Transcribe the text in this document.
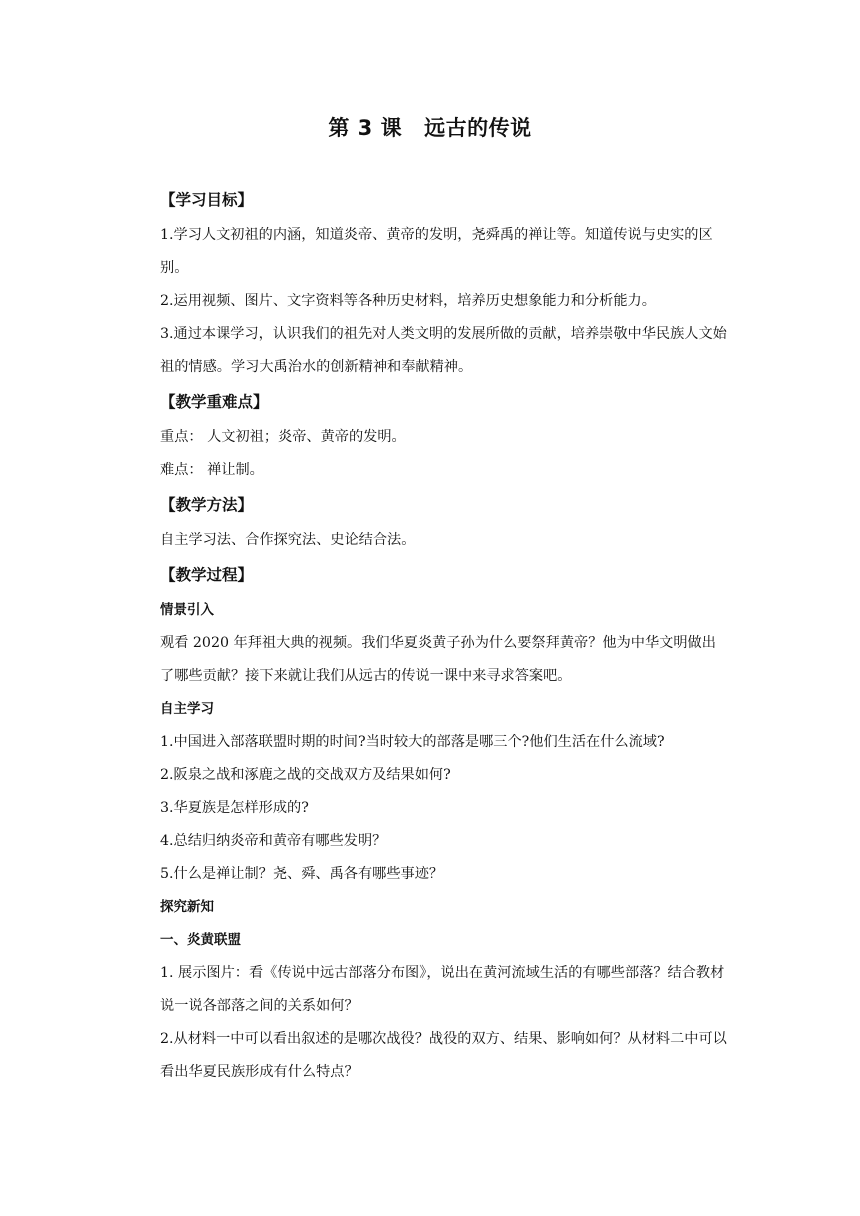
第 3 课 远古的传说
【学习目标】

1.学习人文初祖的内涵，知道炎帝、黄帝的发明，尧舜禹的禅让等。知道传说与史实的区别。

2.运用视频、图片、文字资料等各种历史材料，培养历史想象能力和分析能力。

3.通过本课学习，认识我们的祖先对人类文明的发展所做的贡献，培养崇敬中华民族人文始祖的情感。学习大禹治水的创新精神和奉献精神。

【教学重难点】

重点： 人文初祖；炎帝、黄帝的发明。

难点： 禅让制。

【教学方法】

自主学习法、合作探究法、史论结合法。

【教学过程】
情景引入

观看 2020 年拜祖大典的视频。我们华夏炎黄子孙为什么要祭拜黄帝？他为中华文明做出了哪些贡献？接下来就让我们从远古的传说一课中来寻求答案吧。

自主学习

1.中国进入部落联盟时期的时间?当时较大的部落是哪三个?他们生活在什么流域?

2.阪泉之战和涿鹿之战的交战双方及结果如何?

3.华夏族是怎样形成的?

4.总结归纳炎帝和黄帝有哪些发明？

5.什么是禅让制？尧、舜、禹各有哪些事迹？

探究新知
一、炎黄联盟

1. 展示图片：看《传说中远古部落分布图》，说出在黄河流域生活的有哪些部落？结合教材说一说各部落之间的关系如何？

2.从材料一中可以看出叙述的是哪次战役？战役的双方、结果、影响如何？从材料二中可以看出华夏民族形成有什么特点？
